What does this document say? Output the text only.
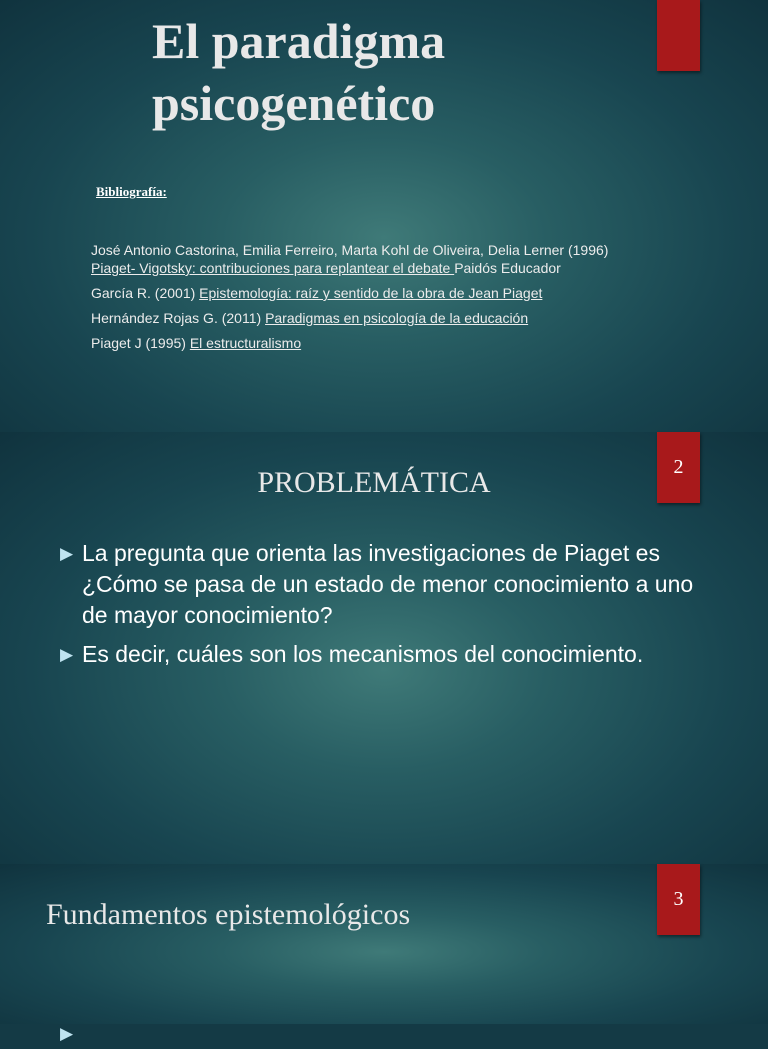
El paradigma
psicogenético

Bibliografía:

José Antonio Castorina, Emilia Ferreiro, Marta Kohl de Oliveira, Delia Lerner (1996)
Piaget- Vigotsky: contribuciones para replantear el debate Paidós Educador

García R. (2001) Epistemología: raíz y sentido de la obra de Jean Piaget

Hernández Rojas G. (2011) Paradigmas en psicología de la educación

Piaget J (1995) El estructuralismo

2
PROBLEMÁTICA
▶ La pregunta que orienta las investigaciones de Piaget es ¿Cómo se pasa de un estado de menor conocimiento a uno de mayor conocimiento?
▶ Es decir, cuáles son los mecanismos del conocimiento.
3
Fundamentos epistemológicos
▶
